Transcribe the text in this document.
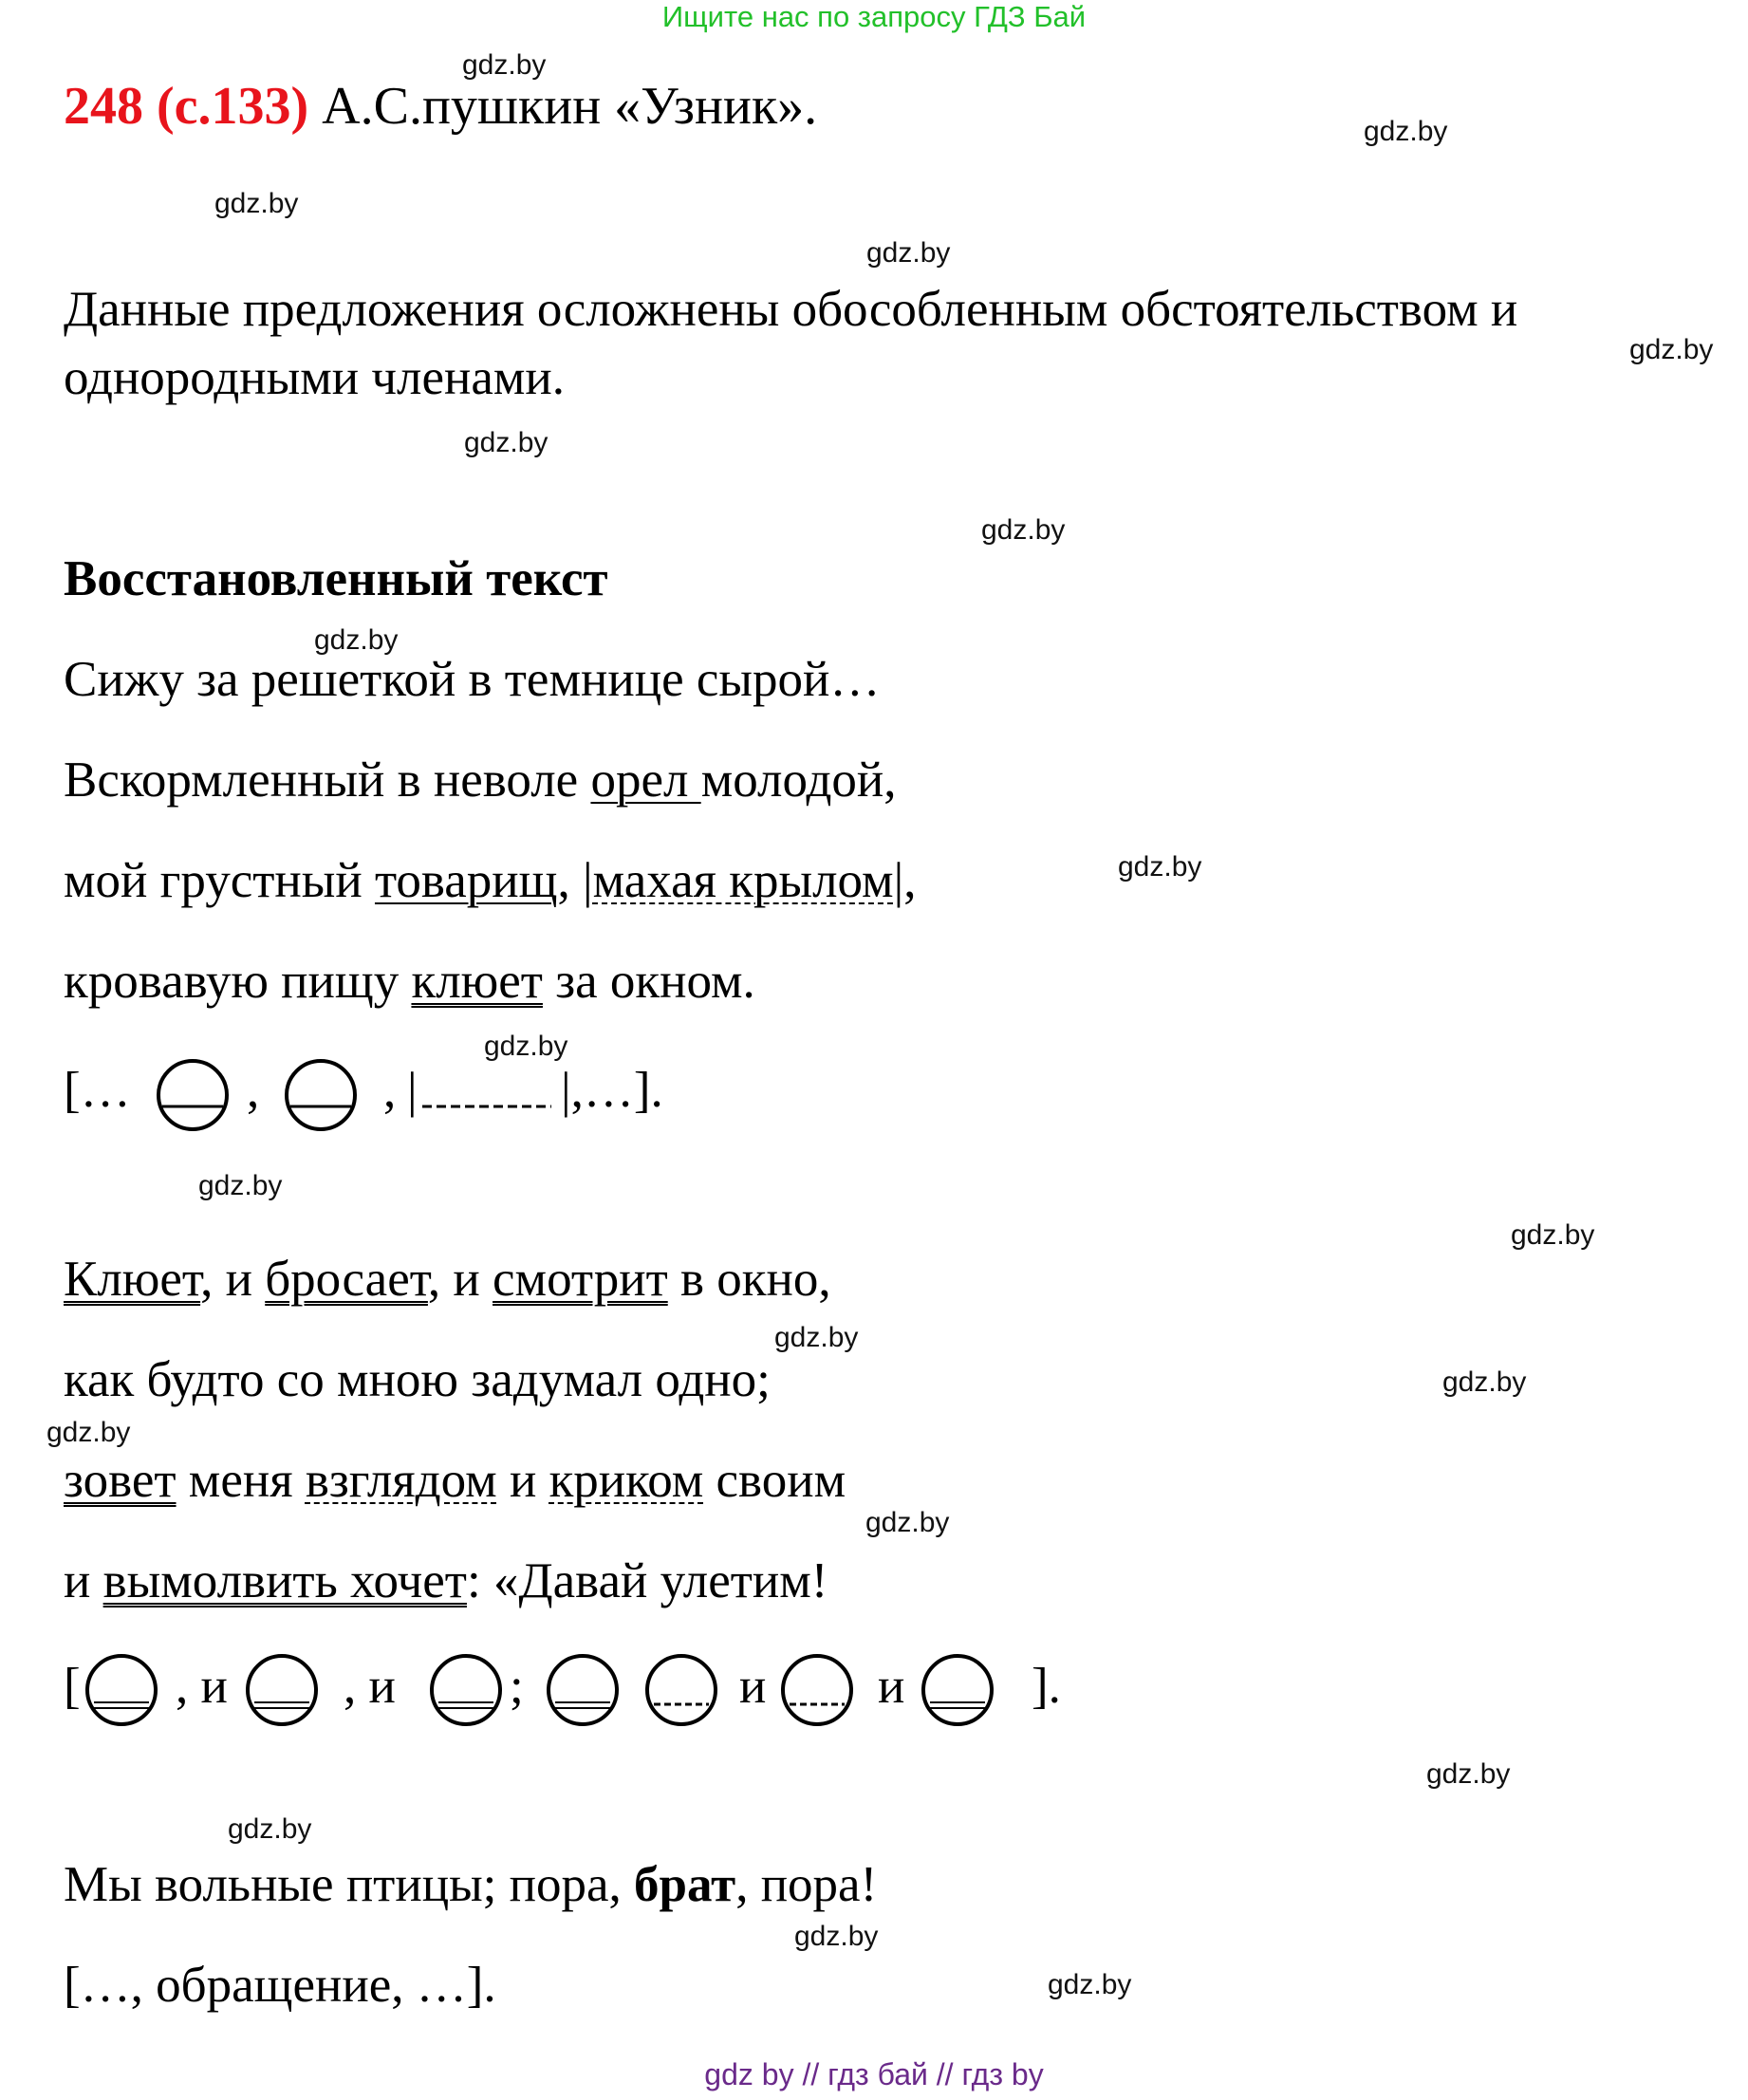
Ищите нас по запросу ГДЗ Бай
gdz.by
gdz.by
gdz.by
gdz.by
gdz.by
gdz.by
gdz.by
gdz.by
gdz.by
gdz.by
gdz.by
gdz.by
gdz.by
gdz.by
gdz.by
gdz.by
gdz.by
gdz.by
gdz.by
gdz.by
248 (с.133) А.С.пушкин «Узник».
Данные предложения осложнены обособленным обстоятельством и
однородными членами.
Восстановленный текст
Сижу за решеткой в темнице сырой…
Вскормленный в неволе орел молодой,
мой грустный товарищ, |махая крылом|,
кровавую пищу клюет за окном.
[… , , |	|,…].
Клюет, и бросает, и смотрит в окно,
как будто со мною задумал одно;
зовет меня взглядом и криком своим
и вымолвить хочет: «Давай улетим!
[ , и , и ;	и и	].
Мы вольные птицы; пора, брат, пора!
[…, обращение, …].
gdz by // гдз бай // гдз by
